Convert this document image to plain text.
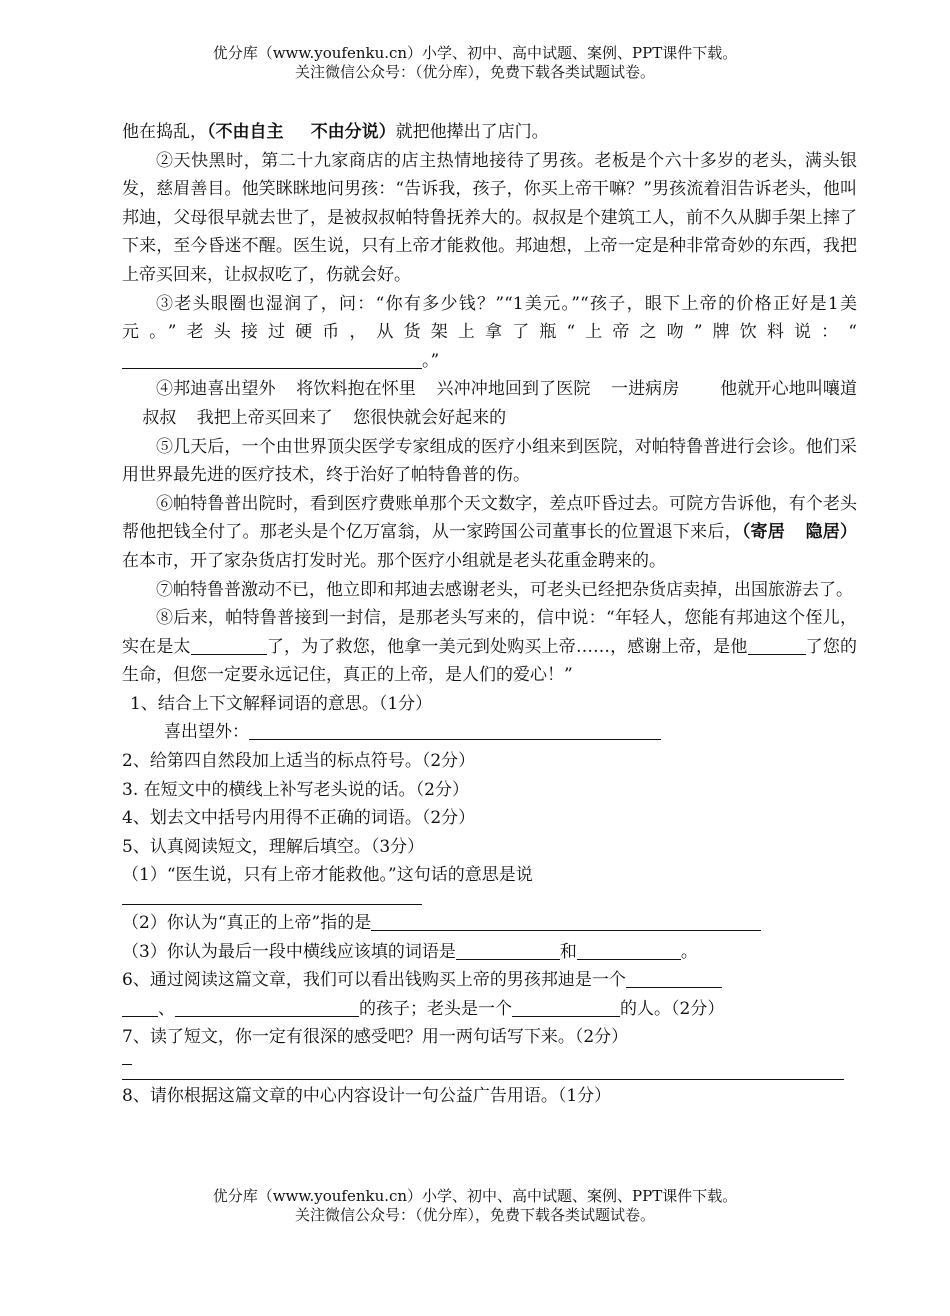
优分库（www.youfenku.cn）小学、初中、高中试题、案例、PPT课件下载。
关注微信公众号：（优分库），免费下载各类试题试卷。

他在捣乱，（不由自主 不由分说）就把他撵出了店门。

②天快黑时，第二十九家商店的店主热情地接待了男孩。老板是个六十多岁的老头，满头银发，慈眉善目。他笑眯眯地问男孩：“告诉我，孩子，你买上帝干嘛？”男孩流着泪告诉老头，他叫邦迪，父母很早就去世了，是被叔叔帕特鲁抚养大的。叔叔是个建筑工人，前不久从脚手架上摔了下来，至今昏迷不醒。医生说，只有上帝才能救他。邦迪想，上帝一定是种非常奇妙的东西，我把上帝买回来，让叔叔吃了，伤就会好。

③老头眼圈也湿润了，问：“你有多少钱？”“1美元。”“孩子，眼下上帝的价格正好是1美元。”老头接过硬币，从货架上拿了瓶“上帝之吻”牌饮料说：“。”

④邦迪喜出望外 将饮料抱在怀里 兴冲冲地回到了医院 一进病房 他就开心地叫嚷道叔叔 我把上帝买回来了 您很快就会好起来的

⑤几天后，一个由世界顶尖医学专家组成的医疗小组来到医院，对帕特鲁普进行会诊。他们采用世界最先进的医疗技术，终于治好了帕特鲁普的伤。

⑥帕特鲁普出院时，看到医疗费账单那个天文数字，差点吓昏过去。可院方告诉他，有个老头帮他把钱全付了。那老头是个亿万富翁，从一家跨国公司董事长的位置退下来后，（寄居 隐居）在本市，开了家杂货店打发时光。那个医疗小组就是老头花重金聘来的。

⑦帕特鲁普激动不已，他立即和邦迪去感谢老头，可老头已经把杂货店卖掉，出国旅游去了。

⑧后来，帕特鲁普接到一封信，是那老头写来的，信中说：“年轻人，您能有邦迪这个侄儿，实在是太	了，为了救您，他拿一美元到处购买上帝……，感谢上帝，是他	了您的生命，但您一定要永远记住，真正的上帝，是人们的爱心！”

1、结合上下文解释词语的意思。（1分）

喜出望外：

2、给第四自然段加上适当的标点符号。（2分）

3. 在短文中的横线上补写老头说的话。（2分）

4、划去文中括号内用得不正确的词语。（2分）

5、认真阅读短文，理解后填空。（3分）

（1）“医生说，只有上帝才能救他。”这句话的意思是说

（2）你认为“真正的上帝”指的是

（3）你认为最后一段中横线应该填的词语是	和	。

6、通过阅读这篇文章，我们可以看出钱购买上帝的男孩邦迪是一个
、	的孩子；老头是一个	的人。（2分）

7、读了短文，你一定有很深的感受吧？用一两句话写下来。（2分）

8、请你根据这篇文章的中心内容设计一句公益广告用语。（1分）

优分库（www.youfenku.cn）小学、初中、高中试题、案例、PPT课件下载。
关注微信公众号：（优分库），免费下载各类试题试卷。
